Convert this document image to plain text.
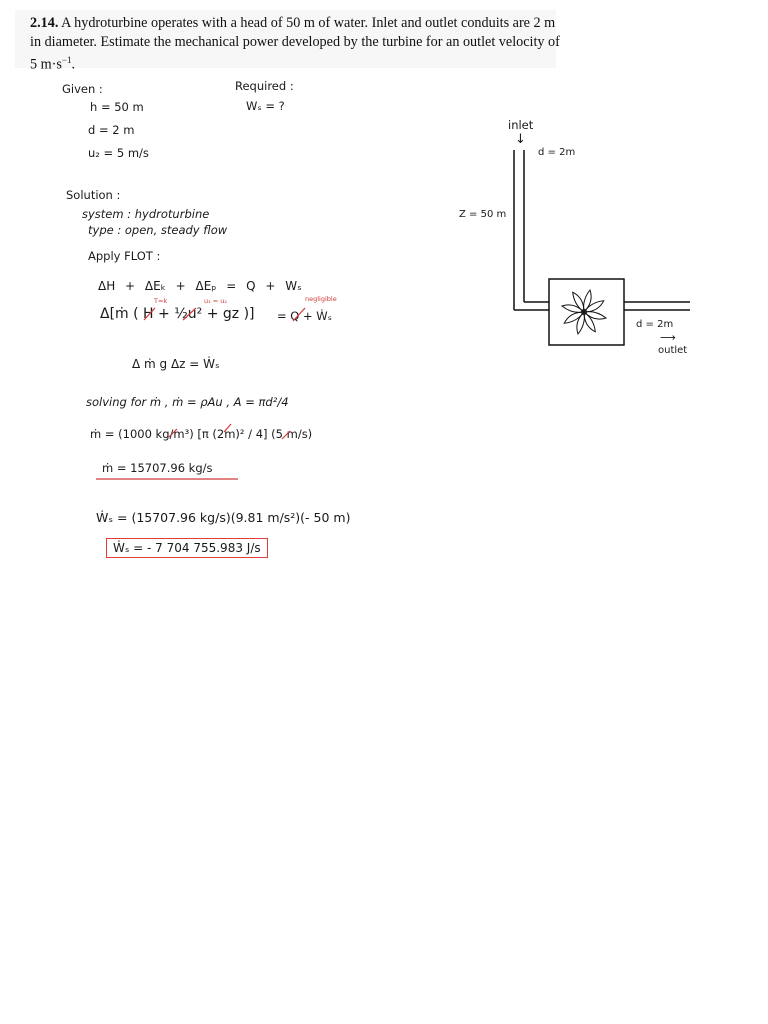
2.14. A hydroturbine operates with a head of 50 m of water. Inlet and outlet conduits are 2 m in diameter. Estimate the mechanical power developed by the turbine for an outlet velocity of 5 $m\cdot s^{-1}$.

Given :
h = 50 m
d = 2 m
u₂ = 5 m/s
Required :
Wₛ = ?
Solution :
system : hydroturbine
type : open, steady flow
Apply FLOT :
ΔH + ΔEₖ + ΔEₚ = Q + Wₛ
T=k	u₁ = u₂	negligible
Δ[ṁ ( H + ½u² + gz )] = Q + Ẇₛ
Δ ṁ g Δz = Ẇₛ
solving for ṁ , ṁ = ρAu , A = πd²/4
ṁ = (1000 kg/m³) [π (2m)² / 4] (5 m/s)
ṁ = 15707.96 kg/s
Ẇₛ = (15707.96 kg/s)(9.81 m/s²)(- 50 m)
Ẇₛ = - 7 704 755.983 J/s
inlet
↓
d = 2m
Z = 50 m
d = 2m
⟶
outlet
